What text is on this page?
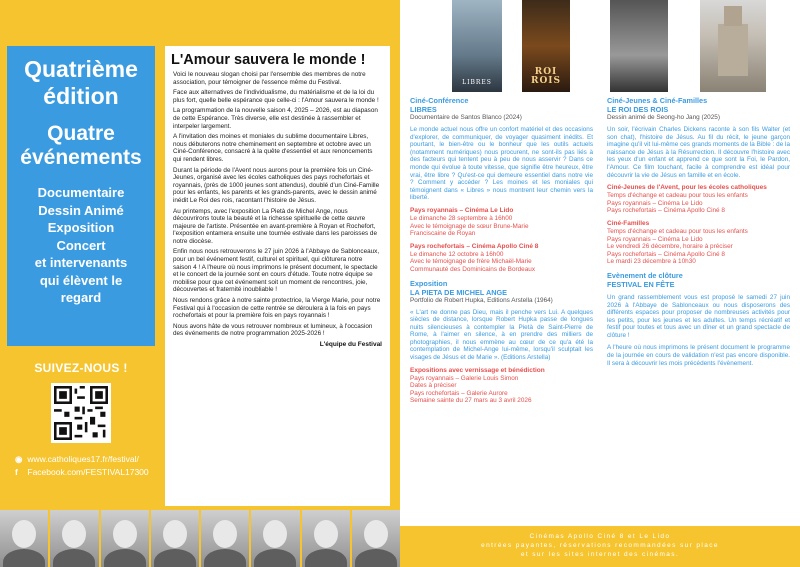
Quatrième
édition
Quatre
événements
Documentaire
Dessin Animé
Exposition
Concert
et intervenants
qui élèvent le
regard
SUIVEZ-NOUS !
◉ www.catholiques17.fr/festival/
f Facebook.com/FESTIVAL17300
L'Amour sauvera le monde !

Voici le nouveau slogan choisi par l'ensemble des membres de notre association, pour témoigner de l'essence même du Festival.

Face aux alternatives de l'individualisme, du matérialisme et de la loi du plus fort, quelle belle espérance que celle-ci : l'Amour sauvera le monde !

La programmation de la nouvelle saison 4, 2025 – 2026, est au diapason de cette Espérance. Très diverse, elle est destinée à rassembler et interpeler largement.

A l'invitation des moines et moniales du sublime documentaire Libres, nous débuterons notre cheminement en septembre et octobre avec un Ciné-Conférence, consacré à la quête d'essentiel et aux renoncements qui rendent libres.

Durant la période de l'Avent nous aurons pour la première fois un Ciné-Jeunes, organisé avec les écoles catholiques des pays rochefortais et royannais, (près de 1000 jeunes sont attendus), doublé d'un Ciné-Famille pour les enfants, les parents et les grands-parents, avec le dessin animé inédit Le Roi des rois, racontant l'histoire de Jésus.

Au printemps, avec l'exposition La Pietà de Michel Ange, nous découvrirons toute la beauté et la richesse spirituelle de cette œuvre majeure de l'artiste. Présentée en avant-première à Royan et Rochefort, l'exposition entamera ensuite une tournée estivale dans les paroisses de notre diocèse.

Enfin nous nous retrouverons le 27 juin 2026 à l'Abbaye de Sablonceaux, pour un bel événement festif, culturel et spirituel, qui clôturera notre saison 4 ! A l'heure où nous imprimons le présent document, le spectacle et le concert de la journée sont en cours d'étude. Toute notre équipe se mobilise pour que cet événement soit un moment de rencontres, joie, découvertes et fraternité inoubliable !

Nous rendons grâce à notre sainte protectrice, la Vierge Marie, pour notre Festival qui à l'occasion de cette rentrée se déroulera à la fois en pays rochefortais et pour la première fois en pays royannais !

Nous avons hâte de vous retrouver nombreux et lumineux, à l'occasion des événements de notre programmation 2025-2026 !

L'équipe du Festival
LIBRES
ROI
ROIS
Ciné-Conférence
LIBRES
Documentaire de Santos Blanco (2024)
Le monde actuel nous offre un confort matériel et des occasions d'explorer, de communiquer, de voyager quasiment inédits. Et pourtant, le bien-être ou le bonheur que les outils actuels (notamment numériques) nous procurent, ne sont-ils pas liés à des facteurs qui tentent peu à peu de nous asservir ? Dans ce monde qui évolue à toute vitesse, que signifie être heureux, être vrai, être libre ? Qu'est-ce qui demeure essentiel dans notre vie ? Comment y accéder ? Les moines et les moniales qui témoignent dans « Libres » nous montrent leur chemin vers la liberté.
Pays royannais – Cinéma Le Lido
Le dimanche 28 septembre à 16h00
Avec le témoignage de sœur Brune-Marie
Franciscaine de Royan
Pays rochefortais – Cinéma Apollo Ciné 8
Le dimanche 12 octobre à 16h00
Avec le témoignage de frère Michaël-Marie
Communauté des Dominicains de Bordeaux
Exposition
LA PIETA DE MICHEL ANGE
Portfolio de Robert Hupka, Editions Arstella (1964)
« L'art ne donne pas Dieu, mais il penche vers Lui. A quelques siècles de distance, lorsque Robert Hupka passe de longues nuits silencieuses à contempler la Pietà de Saint-Pierre de Rome, à l'aimer en silence, à en prendre des milliers de photographies, il nous emmène au cœur de ce qu'a été la contemplation de Michel-Ange lui-même, lorsqu'il sculptait les visages de Jésus et de Marie ». (Editions Arstella)
Expositions avec vernissage et bénédiction
Pays royannais – Galerie Louis Simon
Dates à préciser
Pays rochefortais – Galerie Aurore
Semaine sainte du 27 mars au 3 avril 2026
Ciné-Jeunes & Ciné-Familles
LE ROI DES ROIS
Dessin animé de Seong-ho Jang (2025)
Un soir, l'écrivain Charles Dickens raconte à son fils Walter (et son chat), l'histoire de Jésus. Au fil du récit, le jeune garçon imagine qu'il vit lui-même ces grands moments de la Bible : de la naissance de Jésus à la Résurrection. Il découvre l'histoire avec les yeux d'un enfant et apprend ce que sont la Foi, le Pardon, l'Amour. Ce film touchant, facile à comprendre est idéal pour découvrir la vie de Jésus en famille et en école.
Ciné-Jeunes de l'Avent, pour les écoles catholiques
Temps d'échange et cadeau pour tous les enfants
Pays royannais – Cinéma Le Lido
Pays rochefortais – Cinéma Apollo Ciné 8
Ciné-Familles
Temps d'échange et cadeau pour tous les enfants
Pays royannais – Cinéma Le Lido
Le vendredi 26 décembre, horaire à préciser
Pays rochefortais – Cinéma Apollo Ciné 8
Le mardi 23 décembre à 10h30
Evènement de clôture
FESTIVAL EN FÊTE
Un grand rassemblement vous est proposé le samedi 27 juin 2026 à l'Abbaye de Sablonceaux ou nous disposerons des différents espaces pour proposer de nombreuses activités pour les petits, pour les jeunes et les adultes. Un temps récréatif et festif pour toutes et tous avec un dîner et un grand spectacle de clôture !
A l'heure où nous imprimons le présent document le programme de la journée en cours de validation n'est pas encore disponible. Il sera à découvrir les mois précédents l'évènement.
Cinémas Apollo Ciné 8 et Le Lido
entrées payantes, réservations recommandées sur place
et sur les sites internet des cinémas.
